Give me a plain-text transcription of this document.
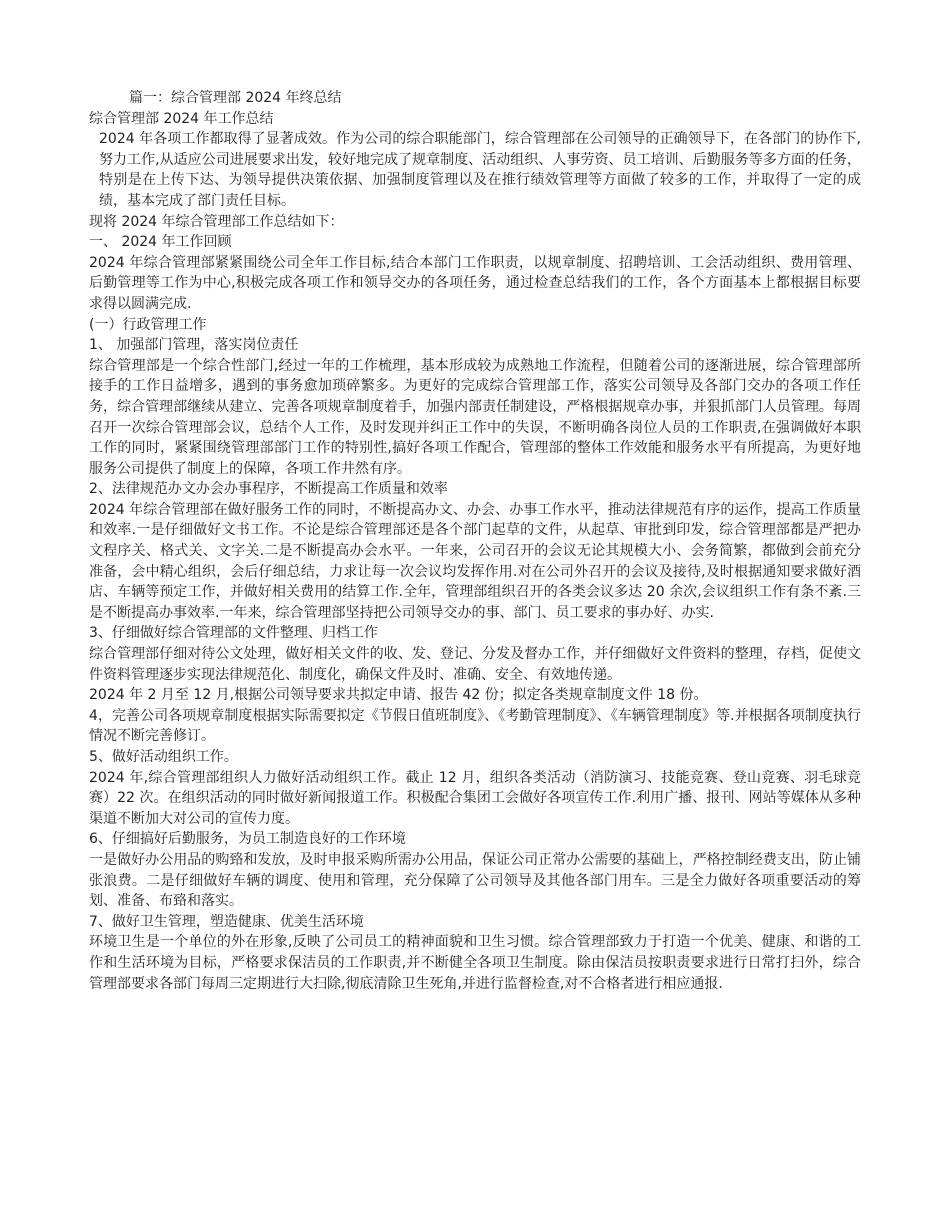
篇一：综合管理部 2024 年终总结

综合管理部 2024 年工作总结

2024 年各项工作都取得了显著成效。作为公司的综合职能部门，综合管理部在公司领导的正确领导下，在各部门的协作下,努力工作,从适应公司进展要求出发，较好地完成了规章制度、活动组织、人事劳资、员工培训、后勤服务等多方面的任务，特别是在上传下达、为领导提供决策依据、加强制度管理以及在推行绩效管理等方面做了较多的工作，并取得了一定的成绩，基本完成了部门责任目标。

现将 2024 年综合管理部工作总结如下：

一、 2024 年工作回顾

2024 年综合管理部紧紧围绕公司全年工作目标,结合本部门工作职责，以规章制度、招聘培训、工会活动组织、费用管理、后勤管理等工作为中心,积极完成各项工作和领导交办的各项任务，通过检查总结我们的工作，各个方面基本上都根据目标要求得以圆满完成.

(一）行政管理工作

1、 加强部门管理，落实岗位责任

综合管理部是一个综合性部门,经过一年的工作梳理，基本形成较为成熟地工作流程，但随着公司的逐渐进展，综合管理部所接手的工作日益增多，遇到的事务愈加琐碎繁多。为更好的完成综合管理部工作，落实公司领导及各部门交办的各项工作任务，综合管理部继续从建立、完善各项规章制度着手，加强内部责任制建设，严格根据规章办事，并狠抓部门人员管理。每周召开一次综合管理部会议，总结个人工作，及时发现并纠正工作中的失误，不断明确各岗位人员的工作职责,在强调做好本职工作的同时，紧紧围绕管理部部门工作的特别性,搞好各项工作配合，管理部的整体工作效能和服务水平有所提高，为更好地服务公司提供了制度上的保障，各项工作井然有序。

2、法律规范办文办会办事程序，不断提高工作质量和效率

2024 年综合管理部在做好服务工作的同时，不断提高办文、办会、办事工作水平，推动法律规范有序的运作，提高工作质量和效率.一是仔细做好文书工作。不论是综合管理部还是各个部门起草的文件，从起草、审批到印发，综合管理部都是严把办文程序关、格式关、文字关.二是不断提高办会水平。一年来，公司召开的会议无论其规模大小、会务简繁，都做到会前充分准备，会中精心组织，会后仔细总结，力求让每一次会议均发挥作用.对在公司外召开的会议及接待,及时根据通知要求做好酒店、车辆等预定工作，并做好相关费用的结算工作.全年，管理部组织召开的各类会议多达 20 余次,会议组织工作有条不紊.三是不断提高办事效率.一年来，综合管理部坚持把公司领导交办的事、部门、员工要求的事办好、办实.

3、仔细做好综合管理部的文件整理、归档工作

综合管理部仔细对待公文处理，做好相关文件的收、发、登记、分发及督办工作，并仔细做好文件资料的整理，存档，促使文件资料管理逐步实现法律规范化、制度化，确保文件及时、准确、安全、有效地传递。

2024 年 2 月至 12 月,根据公司领导要求共拟定申请、报告 42 份；拟定各类规章制度文件 18 份。

4，完善公司各项规章制度根据实际需要拟定《节假日值班制度》、《考勤管理制度》、《车辆管理制度》等.并根据各项制度执行情况不断完善修订。

5、做好活动组织工作。

2024 年,综合管理部组织人力做好活动组织工作。截止 12 月，组织各类活动（消防演习、技能竞赛、登山竞赛、羽毛球竞赛）22 次。在组织活动的同时做好新闻报道工作。积极配合集团工会做好各项宣传工作.利用广播、报刊、网站等媒体从多种渠道不断加大对公司的宣传力度。

6、仔细搞好后勤服务，为员工制造良好的工作环境

一是做好办公用品的购臵和发放，及时申报采购所需办公用品，保证公司正常办公需要的基础上，严格控制经费支出，防止铺张浪费。二是仔细做好车辆的调度、使用和管理，充分保障了公司领导及其他各部门用车。三是全力做好各项重要活动的筹划、准备、布臵和落实。

7、做好卫生管理，塑造健康、优美生活环境

环境卫生是一个单位的外在形象,反映了公司员工的精神面貌和卫生习惯。综合管理部致力于打造一个优美、健康、和谐的工作和生活环境为目标，严格要求保洁员的工作职责,并不断健全各项卫生制度。除由保洁员按职责要求进行日常打扫外，综合管理部要求各部门每周三定期进行大扫除,彻底清除卫生死角,并进行监督检查,对不合格者进行相应通报.
